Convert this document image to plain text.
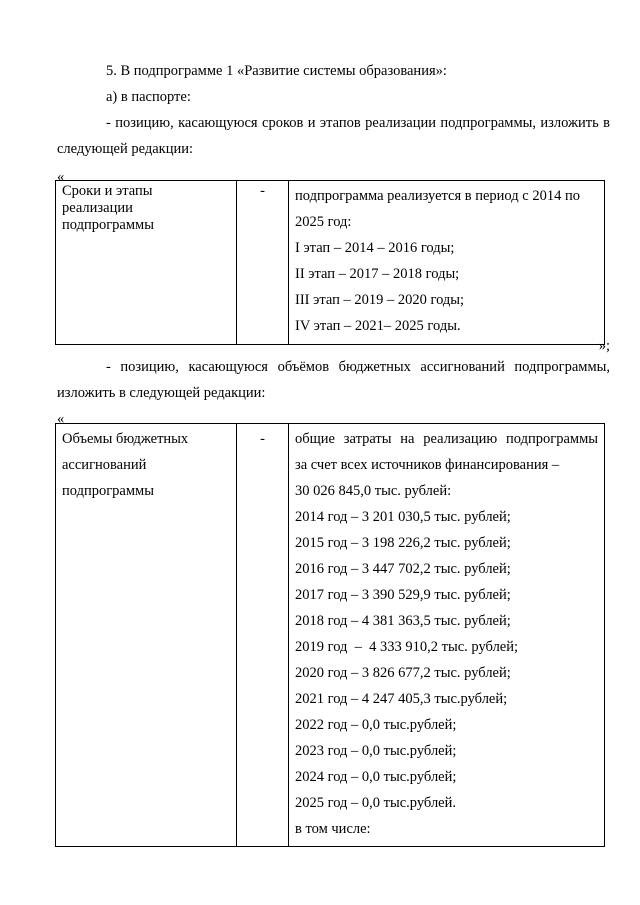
5. В подпрограмме 1 «Развитие системы образования»:
а) в паспорте:
- позицию, касающуюся сроков и этапов реализации подпрограммы, изложить в следующей редакции:
«
Сроки и этапы
реализации
подпрограммы
	-	подпрограмма реализуется в период с 2014 по
2025 год:
I этап – 2014 – 2016 годы;
II этап – 2017 – 2018 годы;
III этап – 2019 – 2020 годы;
IV этап – 2021– 2025 годы.
»;
- позицию, касающуюся объёмов бюджетных ассигнований подпрограммы, изложить в следующей редакции:
«
Объемы бюджетных
ассигнований
подпрограммы
	-	общие затраты на реализацию подпрограммы
за счет всех источников финансирования –
30 026 845,0 тыс. рублей:
2014 год – 3 201 030,5 тыс. рублей;
2015 год – 3 198 226,2 тыс. рублей;
2016 год – 3 447 702,2 тыс. рублей;
2017 год – 3 390 529,9 тыс. рублей;
2018 год – 4 381 363,5 тыс. рублей;
2019 год  –  4 333 910,2 тыс. рублей;
2020 год – 3 826 677,2 тыс. рублей;
2021 год – 4 247 405,3 тыс.рублей;
2022 год – 0,0 тыс.рублей;
2023 год – 0,0 тыс.рублей;
2024 год – 0,0 тыс.рублей;
2025 год – 0,0 тыс.рублей.
в том числе:
